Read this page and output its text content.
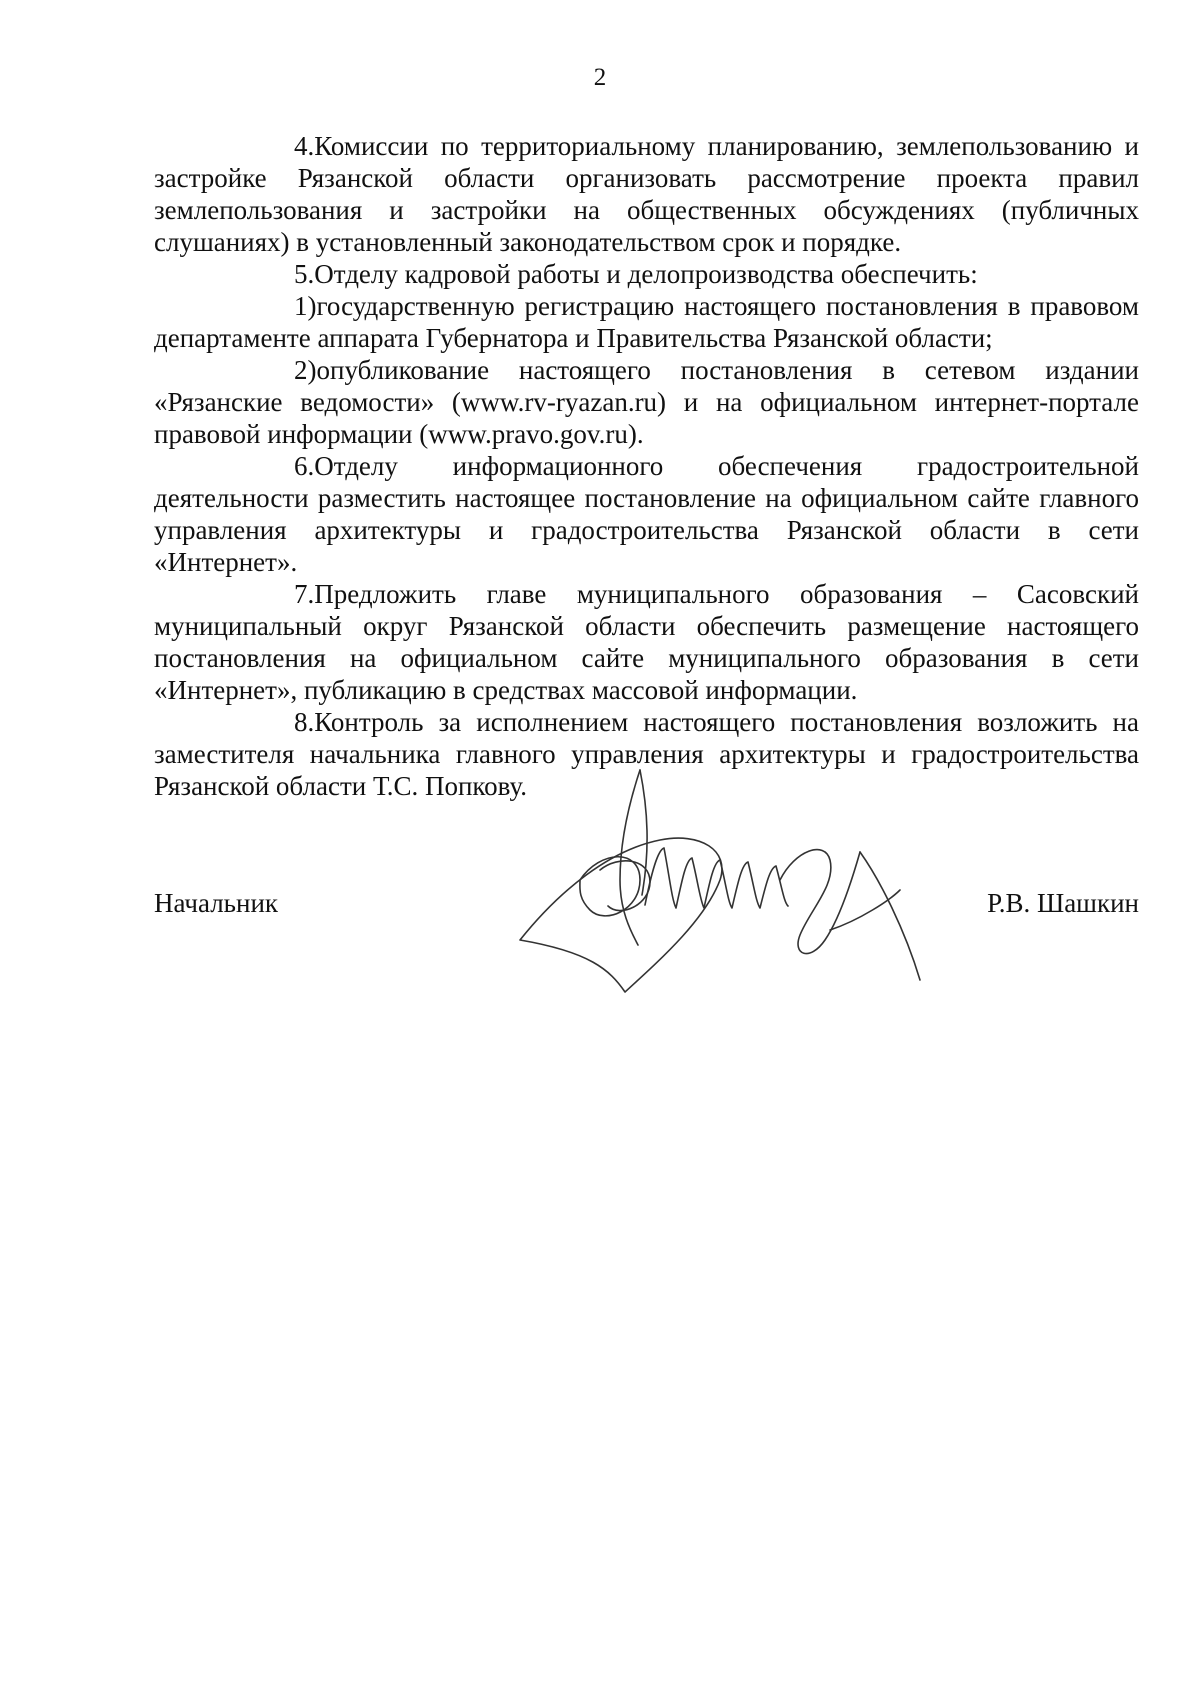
2

4.Комиссии по территориальному планированию, землепользованию и застройке Рязанской области организовать рассмотрение проекта правил землепользования и застройки на общественных обсуждениях (публичных слушаниях) в установленный законодательством срок и порядке.

5.Отделу кадровой работы и делопроизводства обеспечить:

1)государственную регистрацию настоящего постановления в правовом департаменте аппарата Губернатора и Правительства Рязанской области;

2)опубликование настоящего постановления в сетевом издании «Рязанские ведомости» (www.rv-ryazan.ru) и на официальном интернет-портале правовой информации (www.pravo.gov.ru).

6.Отделу информационного обеспечения градостроительной деятельности разместить настоящее постановление на официальном сайте главного управления архитектуры и градостроительства Рязанской области в сети «Интернет».

7.Предложить главе муниципального образования – Сасовский муниципальный округ Рязанской области обеспечить размещение настоящего постановления на официальном сайте муниципального образования в сети «Интернет», публикацию в средствах массовой информации.

8.Контроль за исполнением настоящего постановления возложить на заместителя начальника главного управления архитектуры и градостроительства Рязанской области Т.С. Попкову.

Начальник	Р.В. Шашкин
